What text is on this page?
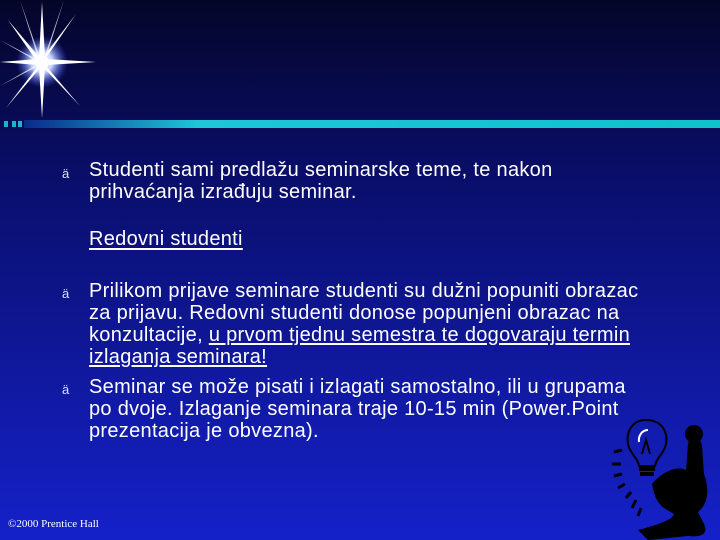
ä Studenti sami predlažu seminarske teme, te nakon prihvaćanja izrađuju seminar.
Redovni studenti
ä Prilikom prijave seminare studenti su dužni popuniti obrazac za prijavu. Redovni studenti donose popunjeni obrazac na konzultacije, u prvom tjednu semestra te dogovaraju termin izlaganja seminara!
ä Seminar se može pisati i izlagati samostalno, ili u grupama po dvoje. Izlaganje seminara traje 10-15 min (Power.Point prezentacija je obvezna).
©2000 Prentice Hall
